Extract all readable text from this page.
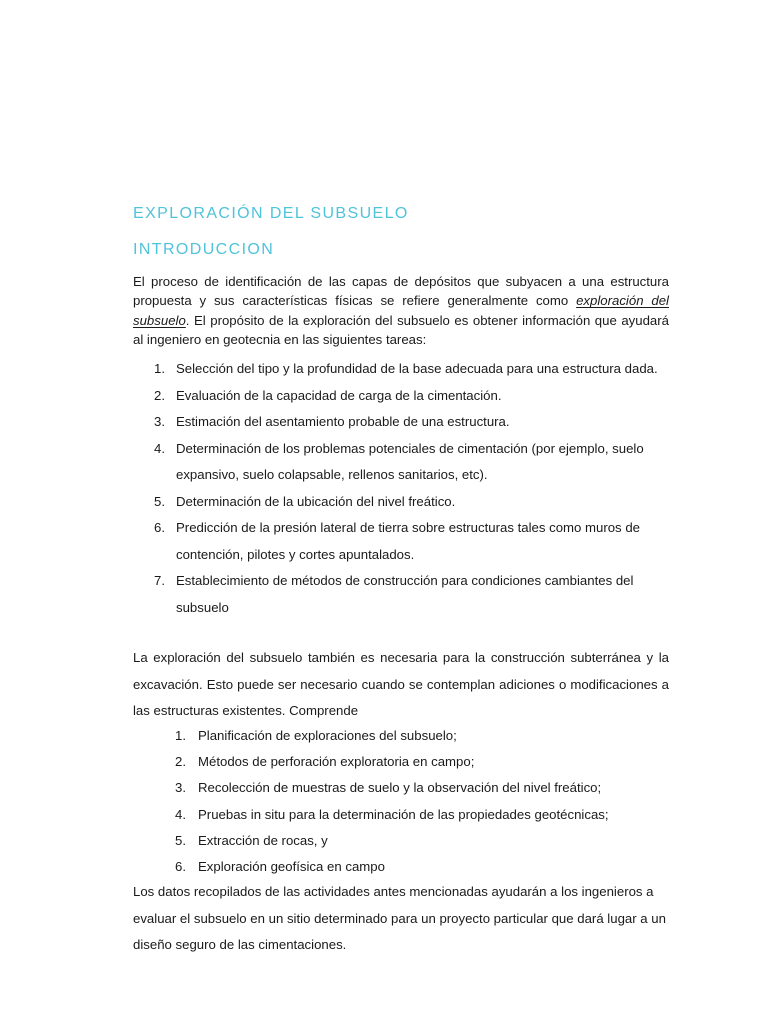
EXPLORACIÓN DEL SUBSUELO
INTRODUCCION

El proceso de identificación de las capas de depósitos que subyacen a una estructura propuesta y sus características físicas se refiere generalmente como exploración del subsuelo. El propósito de la exploración del subsuelo es obtener información que ayudará al ingeniero en geotecnia en las siguientes tareas:

1. Selección del tipo y la profundidad de la base adecuada para una estructura dada.
2. Evaluación de la capacidad de carga de la cimentación.
3. Estimación del asentamiento probable de una estructura.
4. Determinación de los problemas potenciales de cimentación (por ejemplo, suelo expansivo, suelo colapsable, rellenos sanitarios, etc).
5. Determinación de la ubicación del nivel freático.
6. Predicción de la presión lateral de tierra sobre estructuras tales como muros de contención, pilotes y cortes apuntalados.
7. Establecimiento de métodos de construcción para condiciones cambiantes del subsuelo

La exploración del subsuelo también es necesaria para la construcción subterránea y la excavación. Esto puede ser necesario cuando se contemplan adiciones o modificaciones a las estructuras existentes. Comprende

1. Planificación de exploraciones del subsuelo;
2. Métodos de perforación exploratoria en campo;
3. Recolección de muestras de suelo y la observación del nivel freático;
4. Pruebas in situ para la determinación de las propiedades geotécnicas;
5. Extracción de rocas, y
6. Exploración geofísica en campo

Los datos recopilados de las actividades antes mencionadas ayudarán a los ingenieros a evaluar el subsuelo en un sitio determinado para un proyecto particular que dará lugar a un diseño seguro de las cimentaciones.
